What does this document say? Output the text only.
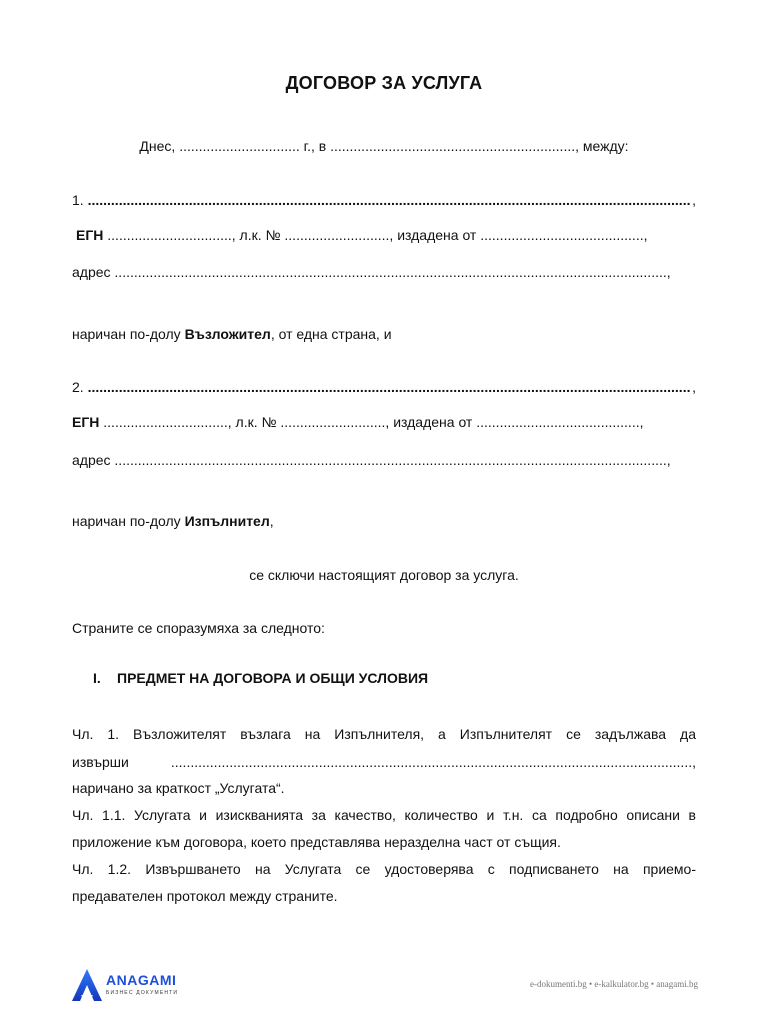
ДОГОВОР ЗА УСЛУГА
Днес, ............................... г., в ..............................................................., между:
1.
........................................................................................................................................................... ,
ЕГН ................................, л.к. № ..........................., издадена от ..........................................,
адрес ..............................................................................................................................................,
наричан по-долу Възложител, от една страна, и
2.
........................................................................................................................................................... ,
ЕГН ................................, л.к. № ..........................., издадена от ..........................................,
адрес ..............................................................................................................................................,
наричан по-долу Изпълнител,
се сключи настоящият договор за услуга.
Страните се споразумяха за следното:
I. ПРЕДМЕТ НА ДОГОВОРА И ОБЩИ УСЛОВИЯ
Чл. 1. Възложителят възлага на Изпълнителя, а Изпълнителят се задължава да
извърши	......................................................................................................................................,
наричано за краткост „Услугата“.
Чл. 1.1. Услугата и изискванията за качество, количество и т.н. са подробно описани в
приложение към договора, което представлява неразделна част от същия.
Чл. 1.2. Извършването на Услугата се удостоверява с подписването на приемо-
предавателен протокол между страните.
ANAGAMI
БИЗНЕС ДОКУМЕНТИ
e-dokumenti.bg • e-kalkulator.bg • anagami.bg
